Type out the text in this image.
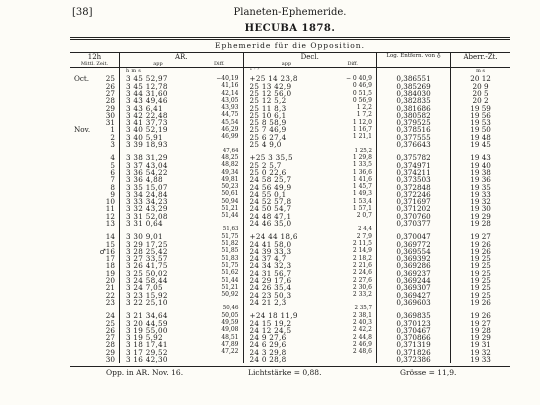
[38]	Planeten-Ephemeride.
HECUBA 1878.
Ephemeride für die Opposition.
12h		AR.		Decl.		Log. Entfern. von ♁	Aberr.-Zt.
Mittl. Zeit.		app	Diff.	app	Diff.		
		h m s		° ′ ″			m s
Oct.	25	3 45 52,97	−40,19	+25 14 23,8	− 0 40,9	0,386551	20 12
	26	3 45 12,78	41,16	25 13 42,9	0 46,9	0,385269	20 9
	27	3 44 31,60	42,14	25 12 56,0	0 51,5	0,384030	20 5
	28	3 43 49,46	43,05	25 12 5,2	0 56,9	0,382835	20 2
	29	3 43 6,41	43,93	25 11 8,3	1 2,2	0,381686	19 59
	30	3 42 22,48	44,75	25 10 6,1	1 7,2	0,380582	19 56
	31	3 41 37,73	45,54	25 8 58,9	1 12,0	0,379525	19 53
Nov.	1	3 40 52,19	46,29	25 7 46,9	1 16,7	0,378516	19 50
	2	3 40 5,91	46,99	25 6 27,4	1 21,1	0,377555	19 48
	3	3 39 18,93		25 4 9,0		0,376643	19 45
			47,64		1 25,2		
	4	3 38 31,29	48,25	+25 3 35,5	1 29,8	0,375782	19 43
	5	3 37 43,04	48,82	25 2 5,7	1 33,5	0,374971	19 40
	6	3 36 54,22	49,34	25 0 22,6	1 36,6	0,374211	19 38
	7	3 36 4,88	49,81	24 58 25,7	1 41,6	0,373503	19 36
	8	3 35 15,07	50,23	24 56 49,9	1 45,7	0,372848	19 35
	9	3 34 24,84	50,61	24 55 0,1	1 49,3	0,372246	19 33
	10	3 33 34,23	50,94	24 52 57,8	1 53,4	0,371697	19 32
	11	3 32 43,29	51,21	24 50 54,7	1 57,1	0,371202	19 30
	12	3 31 52,08	51,44	24 48 47,1	2 0,7	0,370760	19 29
	13	3 31 0,64		24 46 35,0		0,370377	19 28
			51,63		2 4,4		
	14	3 30 9,01	51,75	+24 44 18,6	2 7,9	0,370047	19 27
	15	3 29 17,25	51,82	24 41 58,0	2 11,5	0,369772	19 26
	♂16	3 28 25,42	51,85	24 39 33,3	2 14,9	0,369554	19 26
	17	3 27 33,57	51,83	24 37 4,7	2 18,2	0,369392	19 25
	18	3 26 41,75	51,75	24 34 32,3	2 21,6	0,369286	19 25
	19	3 25 50,02	51,62	24 31 56,7	2 24,6	0,369237	19 25
	20	3 24 58,44	51,44	24 29 17,6	2 27,6	0,369244	19 25
	21	3 24 7,05	51,21	24 26 35,4	2 30,6	0,369307	19 25
	22	3 23 15,92	50,92	24 23 50,3	2 33,2	0,369427	19 25
	23	3 22 25,10		24 21 2,3		0,369603	19 26
			50,46		2 35,7		
	24	3 21 34,64	50,05	+24 18 11,9	2 38,1	0,369835	19 26
	25	3 20 44,59	49,59	24 15 19,2	2 40,3	0,370123	19 27
	26	3 19 55,00	49,08	24 12 24,5	2 42,2	0,370467	19 28
	27	3 19 5,92	48,51	24 9 27,6	2 44,8	0,370866	19 29
	28	3 18 17,41	47,89	24 6 29,6	2 46,9	0,371319	19 31
	29	3 17 29,52	47,22	24 3 29,8	2 48,6	0,371826	19 32
	30	3 16 42,30		24 0 28,8		0,372386	19 33
Opp. in AR. Nov. 16.	Lichtstärke = 0,88.	Grösse = 11,9.
